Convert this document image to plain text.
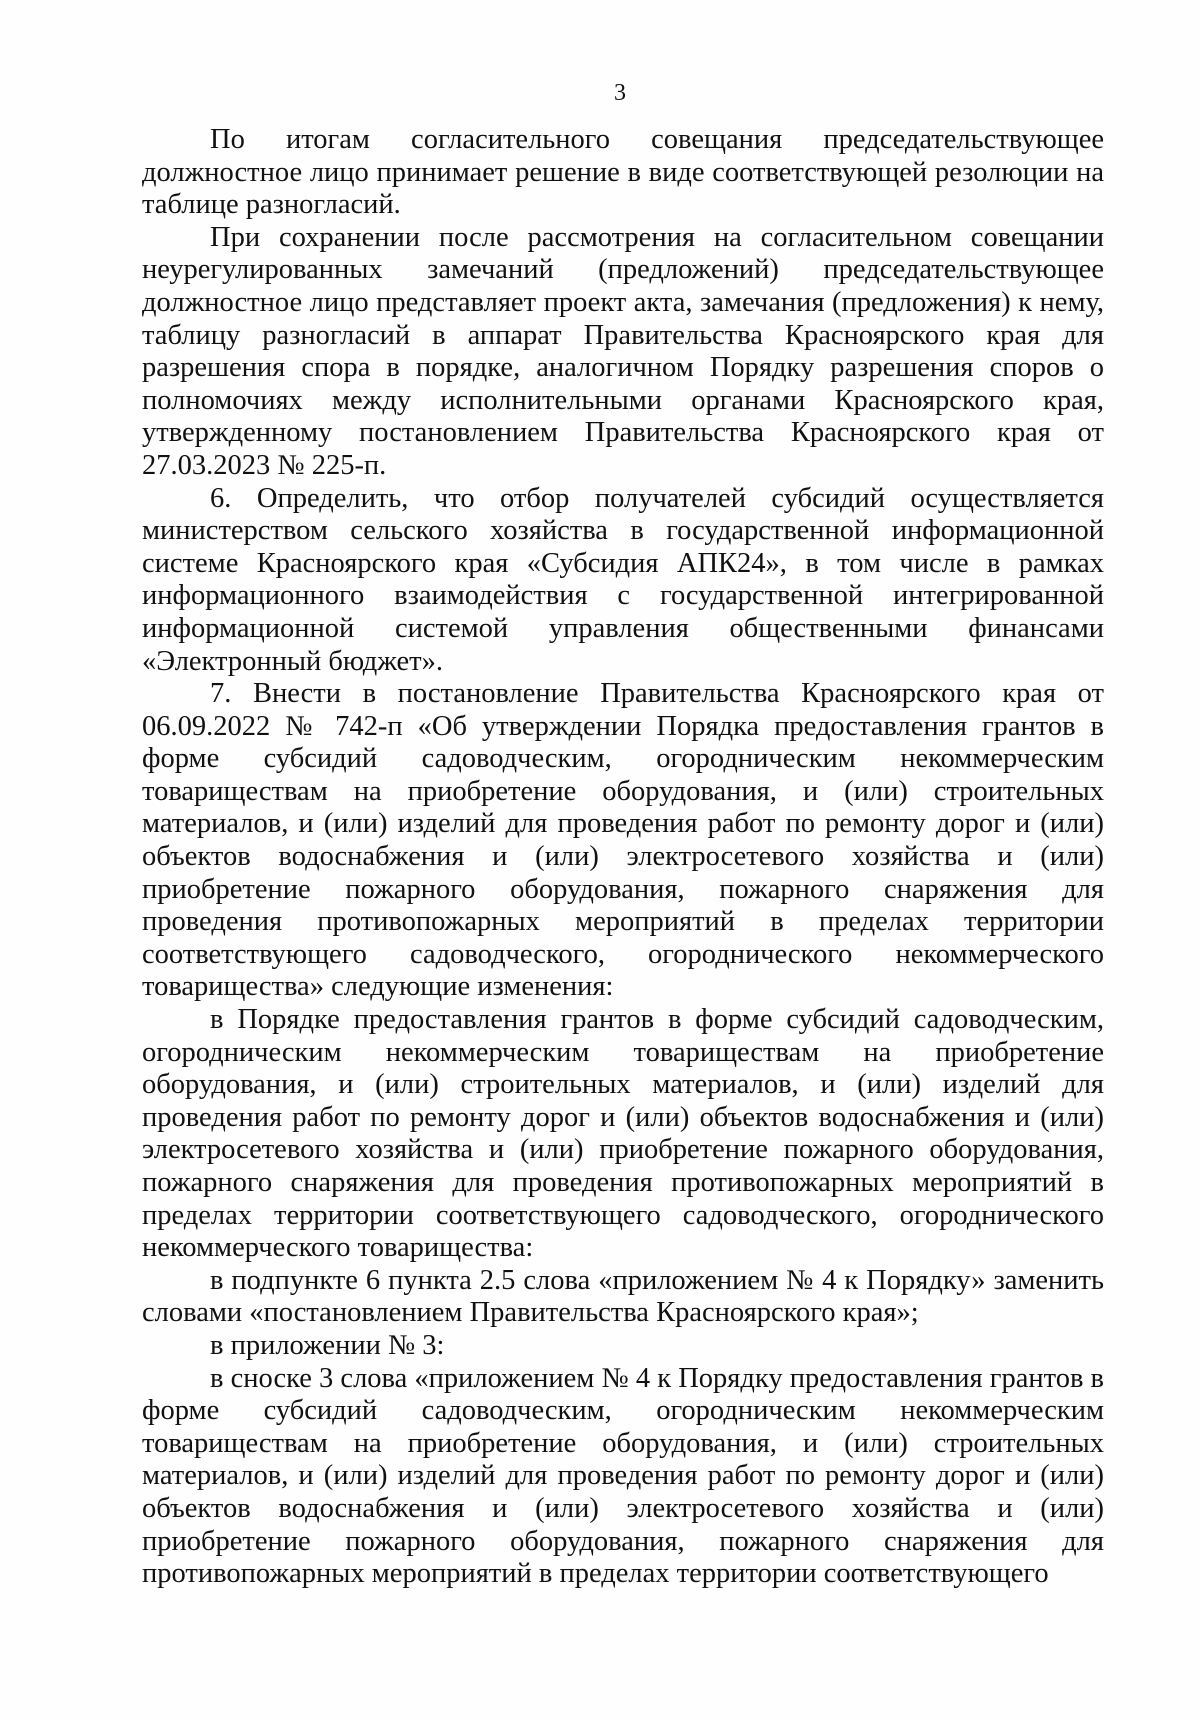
3

По итогам согласительного совещания председательствующее должностное лицо принимает решение в виде соответствующей резолюции на таблице разногласий.

При сохранении после рассмотрения на согласительном совещании неурегулированных замечаний (предложений) председательствующее должностное лицо представляет проект акта, замечания (предложения) к нему, таблицу разногласий в аппарат Правительства Красноярского края для разрешения спора в порядке, аналогичном Порядку разрешения споров о полномочиях между исполнительными органами Красноярского края, утвержденному постановлением Правительства Красноярского края от 27.03.2023 № 225-п.

6. Определить, что отбор получателей субсидий осуществляется министерством сельского хозяйства в государственной информационной системе Красноярского края «Субсидия АПК24», в том числе в рамках информационного взаимодействия с государственной интегрированной информационной системой управления общественными финансами «Электронный бюджет».

7. Внести в постановление Правительства Красноярского края от 06.09.2022 № 742-п «Об утверждении Порядка предоставления грантов в форме субсидий садоводческим, огородническим некоммерческим товариществам на приобретение оборудования, и (или) строительных материалов, и (или) изделий для проведения работ по ремонту дорог и (или) объектов водоснабжения и (или) электросетевого хозяйства и (или) приобретение пожарного оборудования, пожарного снаряжения для проведения противопожарных мероприятий в пределах территории соответствующего садоводческого, огороднического некоммерческого товарищества» следующие изменения:

в Порядке предоставления грантов в форме субсидий садоводческим, огородническим некоммерческим товариществам на приобретение оборудования, и (или) строительных материалов, и (или) изделий для проведения работ по ремонту дорог и (или) объектов водоснабжения и (или) электросетевого хозяйства и (или) приобретение пожарного оборудования, пожарного снаряжения для проведения противопожарных мероприятий в пределах территории соответствующего садоводческого, огороднического некоммерческого товарищества:

в подпункте 6 пункта 2.5 слова «приложением № 4 к Порядку» заменить словами «постановлением Правительства Красноярского края»;

в приложении № 3:

в сноске 3 слова «приложением № 4 к Порядку предоставления грантов в форме субсидий садоводческим, огородническим некоммерческим товариществам на приобретение оборудования, и (или) строительных материалов, и (или) изделий для проведения работ по ремонту дорог и (или) объектов водоснабжения и (или) электросетевого хозяйства и (или) приобретение пожарного оборудования, пожарного снаряжения для противопожарных мероприятий в пределах территории соответствующего
